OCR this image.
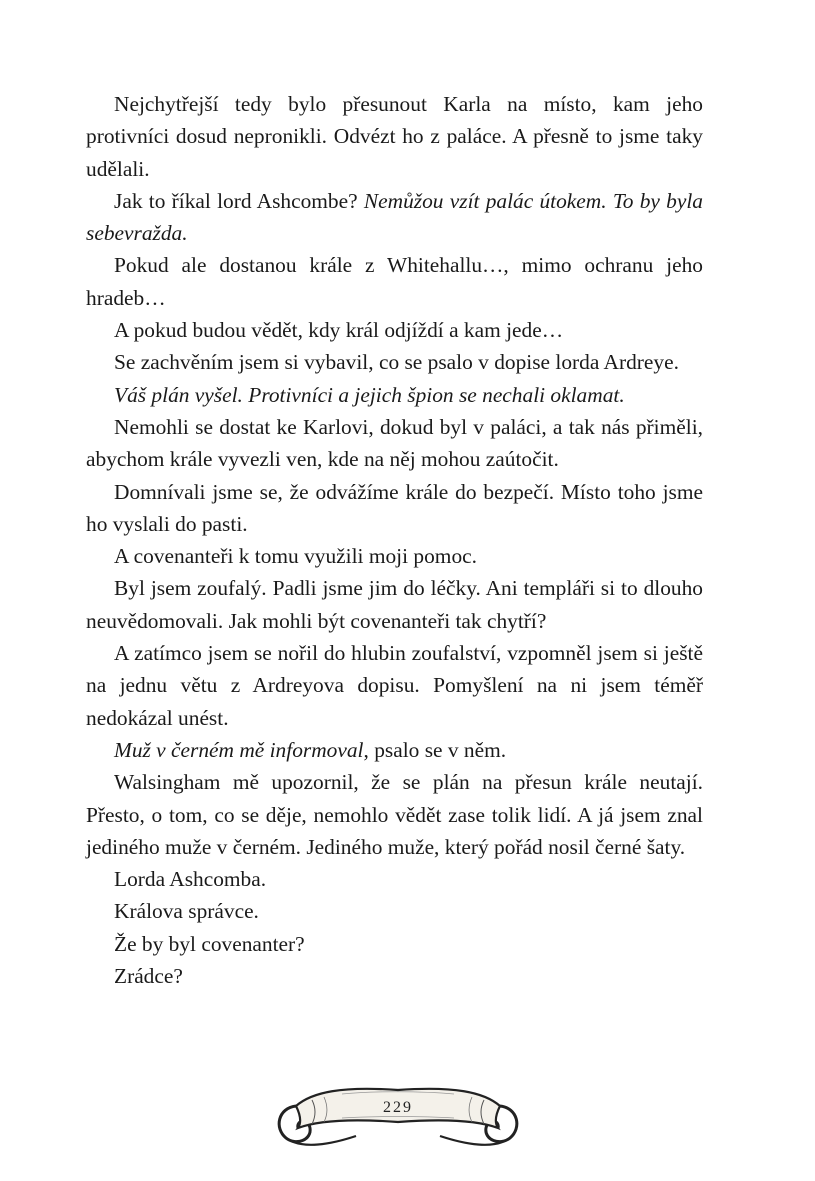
Nejchytřejší tedy bylo přesunout Karla na místo, kam jeho protivníci dosud nepronikli. Odvézt ho z paláce. A přesně to jsme taky udělali.

Jak to říkal lord Ashcombe? Nemůžou vzít palác útokem. To by byla sebevražda.

Pokud ale dostanou krále z Whitehallu…, mimo ochranu jeho hradeb…

A pokud budou vědět, kdy král odjíždí a kam jede…

Se zachvěním jsem si vybavil, co se psalo v dopise lorda Ardreye.

Váš plán vyšel. Protivníci a jejich špion se nechali oklamat.

Nemohli se dostat ke Karlovi, dokud byl v paláci, a tak nás přiměli, abychom krále vyvezli ven, kde na něj mohou zaútočit.

Domnívali jsme se, že odvážíme krále do bezpečí. Místo toho jsme ho vyslali do pasti.

A covenanteři k tomu využili moji pomoc.

Byl jsem zoufalý. Padli jsme jim do léčky. Ani templáři si to dlouho neuvědomovali. Jak mohli být covenanteři tak chytří?

A zatímco jsem se nořil do hlubin zoufalství, vzpomněl jsem si ještě na jednu větu z Ardreyova dopisu. Pomyšlení na ni jsem téměř nedokázal unést.

Muž v černém mě informoval, psalo se v něm.

Walsingham mě upozornil, že se plán na přesun krále neutají. Přesto, o tom, co se děje, nemohlo vědět zase tolik lidí. A já jsem znal jediného muže v černém. Jediného muže, který pořád nosil černé šaty.

Lorda Ashcomba.

Králova správce.

Že by byl covenanter?

Zrádce?

229
